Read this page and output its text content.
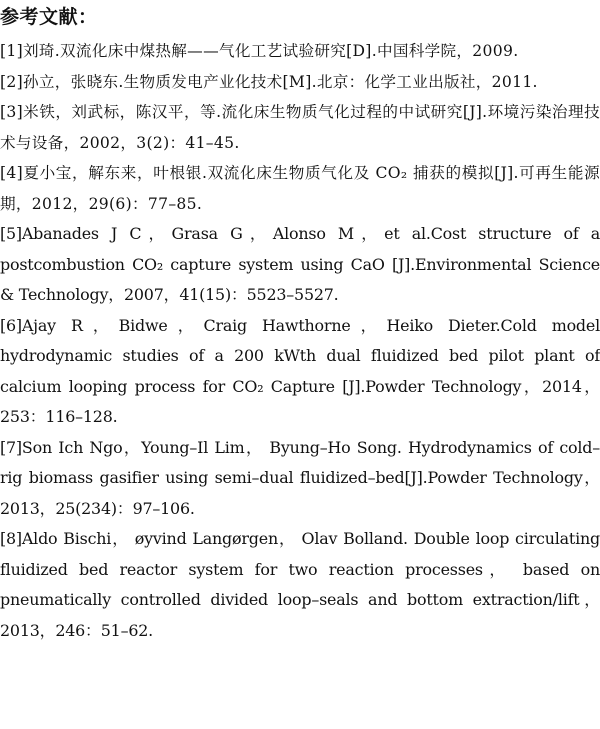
参考文献：
[1]刘琦.双流化床中煤热解——气化工艺试验研究[D].中国科学院，2009.
[2]孙立，张晓东.生物质发电产业化技术[M].北京：化学工业出版社，2011.
[3]米铁，刘武标，陈汉平，等.流化床生物质气化过程的中试研究[J].环境污染治理技术与设备，2002，3(2)：41–45.
[4]夏小宝，解东来，叶根银.双流化床生物质气化及 CO₂ 捕获的模拟[J].可再生能源期，2012，29(6)：77–85.
[5]Abanades J C，Grasa G，Alonso M，et al.Cost structure of a postcombustion CO₂ capture system using CaO [J].Environmental Science & Technology，2007，41(15)：5523–5527.
[6]Ajay R，Bidwe，Craig Hawthorne，Heiko Dieter.Cold model hydrodynamic studies of a 200 kWth dual fluidized bed pilot plant of calcium looping process for CO₂ Capture [J].Powder Technology，2014，253：116–128.
[7]Son Ich Ngo，Young–Il Lim， Byung–Ho Song. Hydrodynamics of cold–rig biomass gasifier using semi–dual fluidized–bed[J].Powder Technology，2013，25(234)：97–106.
[8]Aldo Bischi， øyvind Langørgen， Olav Bolland. Double loop circulating fluidized bed reactor system for two reaction processes， based on pneumatically controlled divided loop–seals and bottom extraction/lift，2013，246：51–62.
